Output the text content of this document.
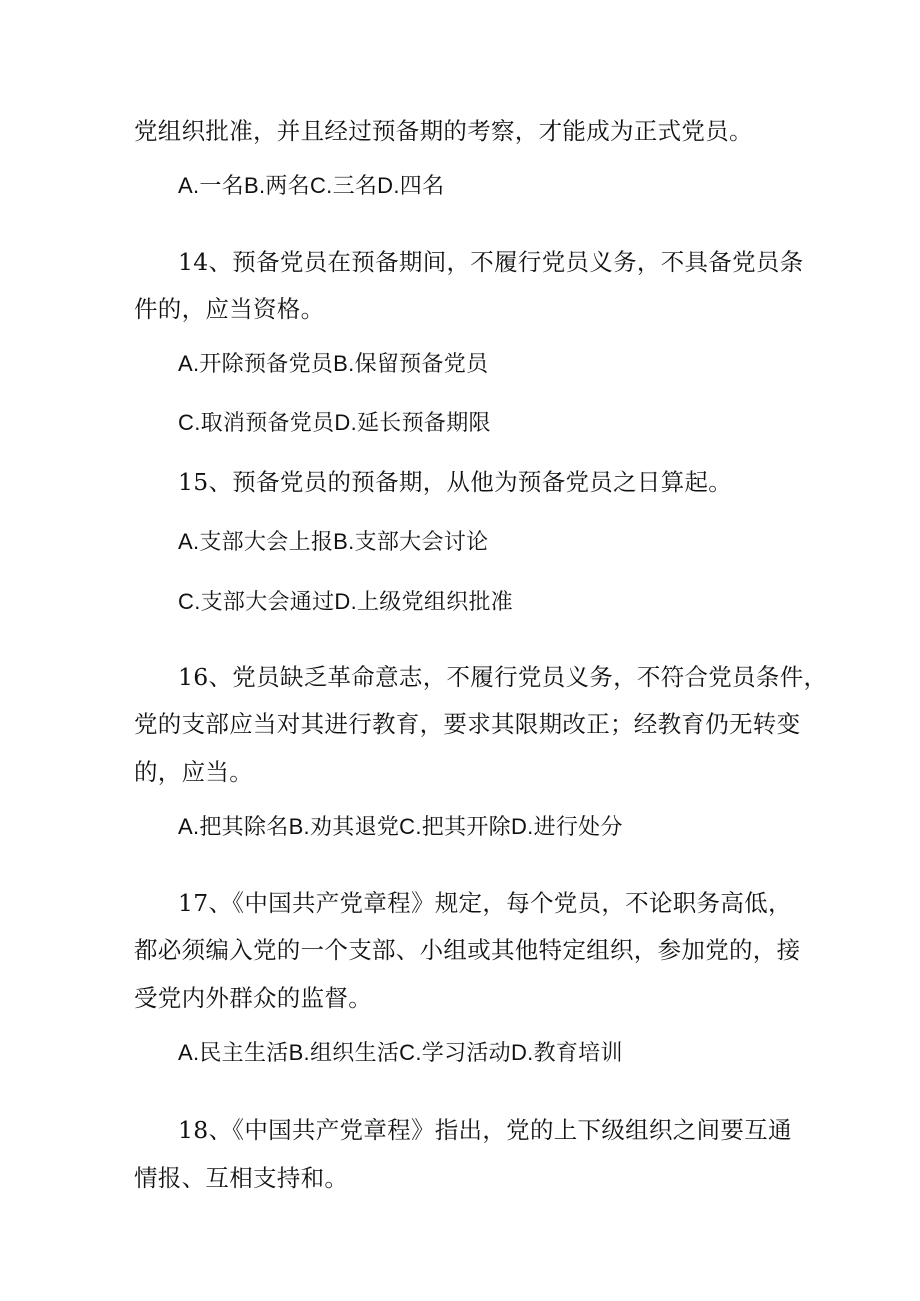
党组织批准，并且经过预备期的考察，才能成为正式党员。
A.一名B.两名C.三名D.四名
14、预备党员在预备期间，不履行党员义务，不具备党员条
件的，应当资格。
A.开除预备党员B.保留预备党员
C.取消预备党员D.延长预备期限
15、预备党员的预备期，从他为预备党员之日算起。
A.支部大会上报B.支部大会讨论
C.支部大会通过D.上级党组织批准
16、党员缺乏革命意志，不履行党员义务，不符合党员条件，
党的支部应当对其进行教育，要求其限期改正；经教育仍无转变
的，应当。
A.把其除名B.劝其退党C.把其开除D.进行处分
17、《中国共产党章程》规定，每个党员，不论职务高低，
都必须编入党的一个支部、小组或其他特定组织，参加党的，接
受党内外群众的监督。
A.民主生活B.组织生活C.学习活动D.教育培训
18、《中国共产党章程》指出，党的上下级组织之间要互通
情报、互相支持和。
